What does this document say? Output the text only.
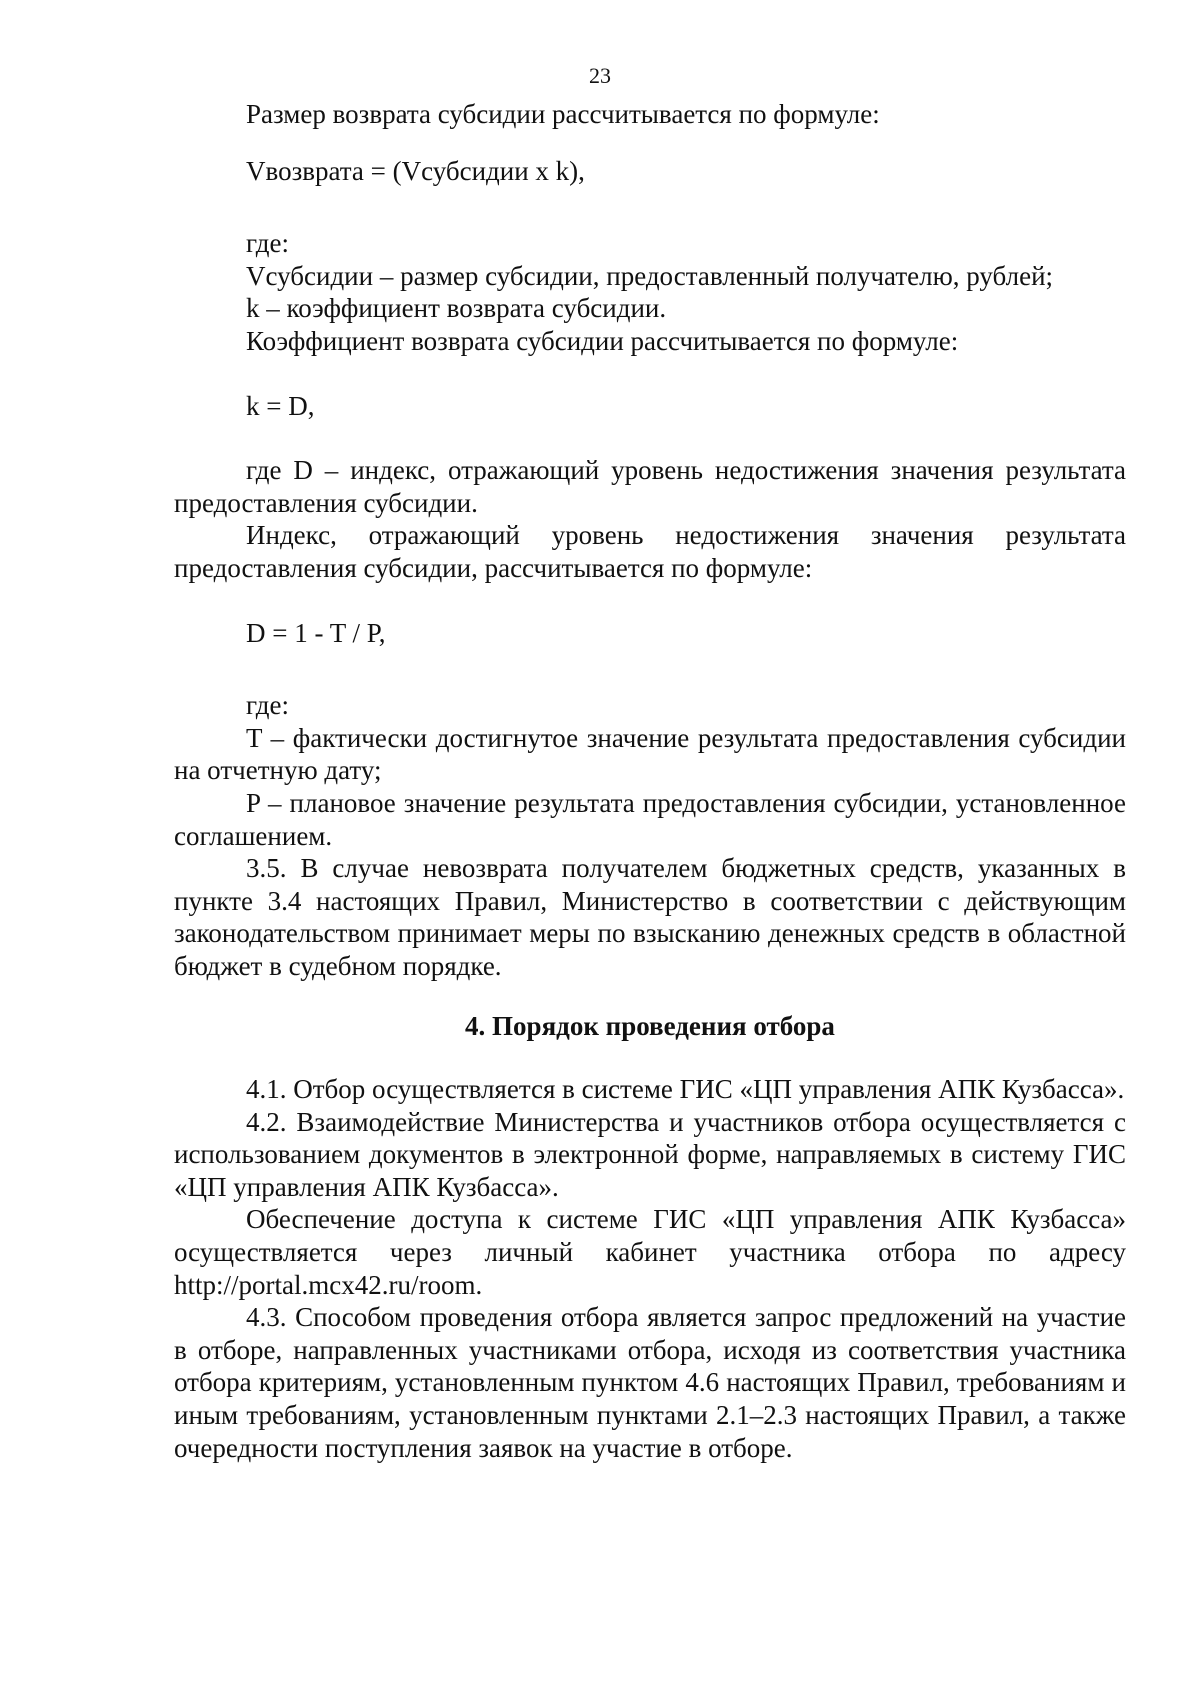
23

Размер возврата субсидии рассчитывается по формуле:

Vвозврата = (Vсубсидии x k),

где:

Vсубсидии – размер субсидии, предоставленный получателю, рублей;

k – коэффициент возврата субсидии.

Коэффициент возврата субсидии рассчитывается по формуле:

k = D,

где D – индекс, отражающий уровень недостижения значения результата предоставления субсидии.

Индекс, отражающий уровень недостижения значения результата предоставления субсидии, рассчитывается по формуле:

D = 1 - T / P,

где:

T – фактически достигнутое значение результата предоставления субсидии на отчетную дату;

P – плановое значение результата предоставления субсидии, установленное соглашением.

3.5. В случае невозврата получателем бюджетных средств, указанных в пункте 3.4 настоящих Правил, Министерство в соответствии с действующим законодательством принимает меры по взысканию денежных средств в областной бюджет в судебном порядке.

4. Порядок проведения отбора

4.1. Отбор осуществляется в системе ГИС «ЦП управления АПК Кузбасса».

4.2. Взаимодействие Министерства и участников отбора осуществляется с использованием документов в электронной форме, направляемых в систему ГИС «ЦП управления АПК Кузбасса».

Обеспечение доступа к системе ГИС «ЦП управления АПК Кузбасса» осуществляется через личный кабинет участника отбора по адресу http://portal.mcx42.ru/room.

4.3. Способом проведения отбора является запрос предложений на участие в отборе, направленных участниками отбора, исходя из соответствия участника отбора критериям, установленным пунктом 4.6 настоящих Правил, требованиям и иным требованиям, установленным пунктами 2.1–2.3 настоящих Правил, а также очередности поступления заявок на участие в отборе.
